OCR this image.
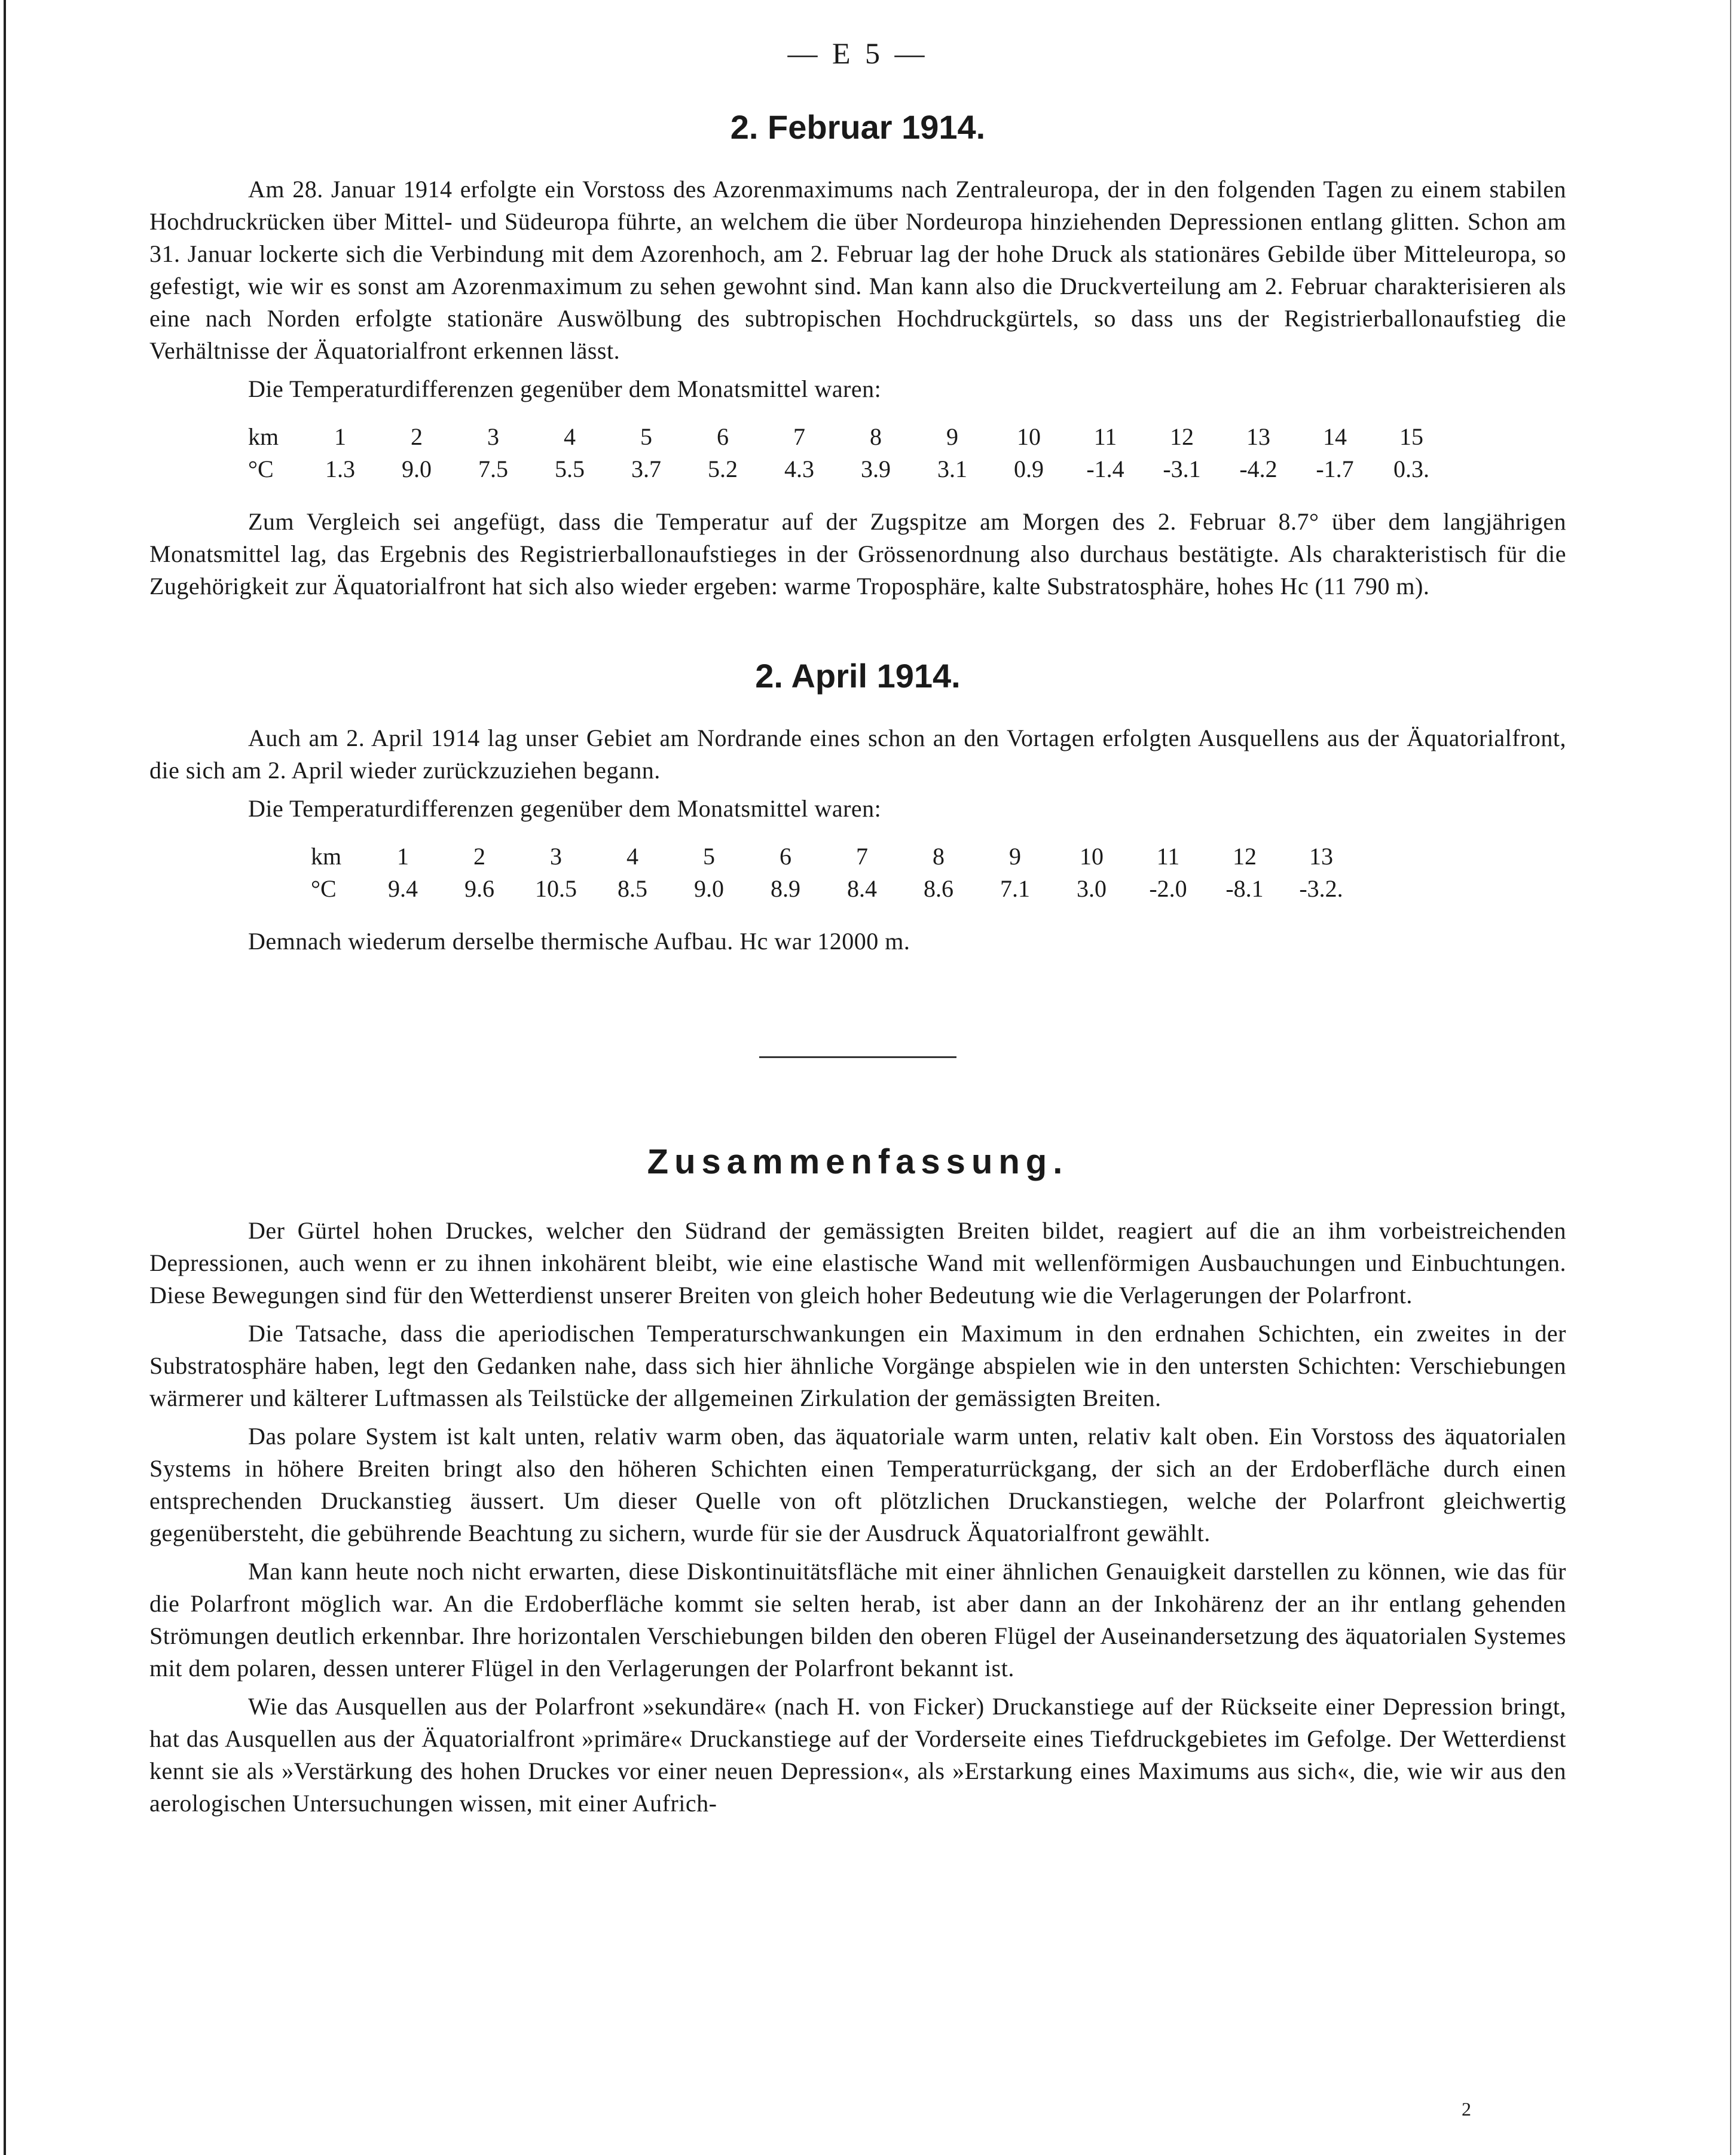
— E 5 —
2. Februar 1914.

Am 28. Januar 1914 erfolgte ein Vorstoss des Azorenmaximums nach Zentraleuropa, der in den folgenden Tagen zu einem stabilen Hochdruckrücken über Mittel- und Südeuropa führte, an welchem die über Nordeuropa hinziehenden Depressionen entlang glitten. Schon am 31. Januar lockerte sich die Verbindung mit dem Azorenhoch, am 2. Februar lag der hohe Druck als stationäres Gebilde über Mitteleuropa, so gefestigt, wie wir es sonst am Azorenmaximum zu sehen gewohnt sind. Man kann also die Druckverteilung am 2. Februar charakterisieren als eine nach Norden erfolgte stationäre Auswölbung des subtropischen Hochdruckgürtels, so dass uns der Registrierballonaufstieg die Verhältnisse der Äquatorialfront erkennen lässt.

Die Temperaturdifferenzen gegenüber dem Monatsmittel waren:

km	1	2	3	4	5	6	7	8	9	10	11	12	13	14	15
°C	1.3	9.0	7.5	5.5	3.7	5.2	4.3	3.9	3.1	0.9	-1.4	-3.1	-4.2	-1.7	0.3.

Zum Vergleich sei angefügt, dass die Temperatur auf der Zugspitze am Morgen des 2. Februar 8.7° über dem langjährigen Monatsmittel lag, das Ergebnis des Registrierballonaufstieges in der Grössenordnung also durchaus bestätigte. Als charakteristisch für die Zugehörigkeit zur Äquatorialfront hat sich also wieder ergeben: warme Troposphäre, kalte Substratosphäre, hohes Hc (11 790 m).

2. April 1914.

Auch am 2. April 1914 lag unser Gebiet am Nordrande eines schon an den Vortagen erfolgten Ausquellens aus der Äquatorialfront, die sich am 2. April wieder zurückzuziehen begann.

Die Temperaturdifferenzen gegenüber dem Monatsmittel waren:

km	1	2	3	4	5	6	7	8	9	10	11	12	13
°C	9.4	9.6	10.5	8.5	9.0	8.9	8.4	8.6	7.1	3.0	-2.0	-8.1	-3.2.

Demnach wiederum derselbe thermische Aufbau. Hc war 12000 m.

Zusammenfassung.

Der Gürtel hohen Druckes, welcher den Südrand der gemässigten Breiten bildet, reagiert auf die an ihm vorbeistreichenden Depressionen, auch wenn er zu ihnen inkohärent bleibt, wie eine elastische Wand mit wellenförmigen Ausbauchungen und Einbuchtungen. Diese Bewegungen sind für den Wetterdienst unserer Breiten von gleich hoher Bedeutung wie die Verlagerungen der Polarfront.

Die Tatsache, dass die aperiodischen Temperaturschwankungen ein Maximum in den erdnahen Schichten, ein zweites in der Substratosphäre haben, legt den Gedanken nahe, dass sich hier ähnliche Vorgänge abspielen wie in den untersten Schichten: Verschiebungen wärmerer und kälterer Luftmassen als Teilstücke der allgemeinen Zirkulation der gemässigten Breiten.

Das polare System ist kalt unten, relativ warm oben, das äquatoriale warm unten, relativ kalt oben. Ein Vorstoss des äquatorialen Systems in höhere Breiten bringt also den höheren Schichten einen Temperaturrückgang, der sich an der Erdoberfläche durch einen entsprechenden Druckanstieg äussert. Um dieser Quelle von oft plötzlichen Druckanstiegen, welche der Polarfront gleichwertig gegenübersteht, die gebührende Beachtung zu sichern, wurde für sie der Ausdruck Äquatorialfront gewählt.

Man kann heute noch nicht erwarten, diese Diskontinuitätsfläche mit einer ähnlichen Genauigkeit darstellen zu können, wie das für die Polarfront möglich war. An die Erdoberfläche kommt sie selten herab, ist aber dann an der Inkohärenz der an ihr entlang gehenden Strömungen deutlich erkennbar. Ihre horizontalen Verschiebungen bilden den oberen Flügel der Auseinandersetzung des äquatorialen Systemes mit dem polaren, dessen unterer Flügel in den Verlagerungen der Polarfront bekannt ist.

Wie das Ausquellen aus der Polarfront »sekundäre« (nach H. von Ficker) Druckanstiege auf der Rückseite einer Depression bringt, hat das Ausquellen aus der Äquatorialfront »primäre« Druckanstiege auf der Vorderseite eines Tiefdruckgebietes im Gefolge. Der Wetterdienst kennt sie als »Verstärkung des hohen Druckes vor einer neuen Depression«, als »Erstarkung eines Maximums aus sich«, die, wie wir aus den aerologischen Untersuchungen wissen, mit einer Aufrich-

2
